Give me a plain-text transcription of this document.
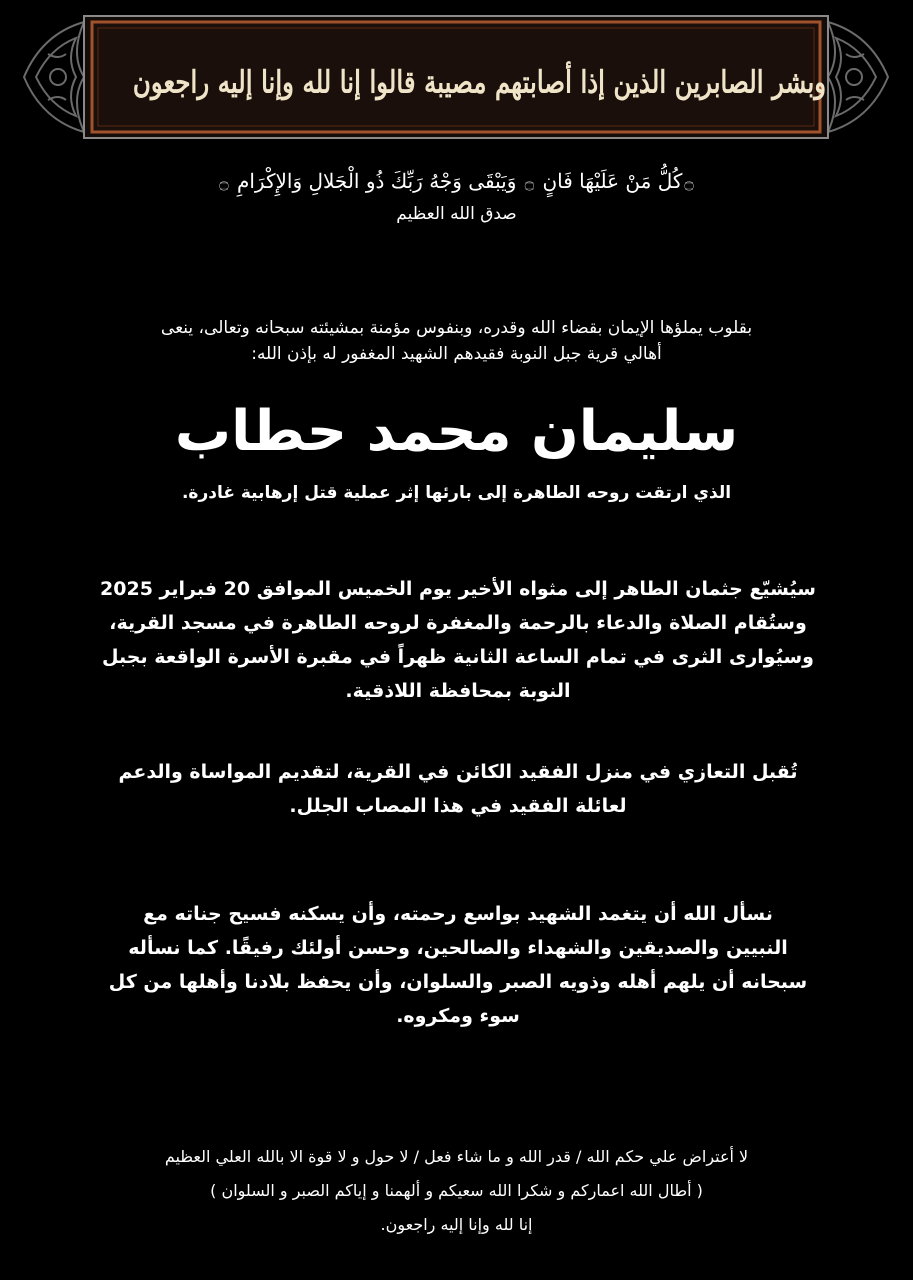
وبشر الصابرين الذين إذا أصابتهم مصيبة قالوا إنا لله وإنا إليه راجعون
۝كُلُّ مَنْ عَلَيْهَا فَانٍ ۝ وَيَبْقَى وَجْهُ رَبِّكَ ذُو الْجَلالِ وَالإِكْرَامِ ۝
صدق الله العظيم
بقلوب يملؤها الإيمان بقضاء الله وقدره، وبنفوس مؤمنة بمشيئته سبحانه وتعالى، ينعى
أهالي قرية جبل النوبة فقيدهم الشهيد المغفور له بإذن الله:
سليمان محمد حطاب
الذي ارتقت روحه الطاهرة إلى بارئها إثر عملية قتل إرهابية غادرة.
سيُشيّع جثمان الطاهر إلى مثواه الأخير يوم الخميس الموافق 20 فبراير 2025
وستُقام الصلاة والدعاء بالرحمة والمغفرة لروحه الطاهرة في مسجد القرية،
وسيُوارى الثرى في تمام الساعة الثانية ظهراً في مقبرة الأسرة الواقعة بجبل
النوبة بمحافظة اللاذقية.
تُقبل التعازي في منزل الفقيد الكائن في القرية، لتقديم المواساة والدعم
لعائلة الفقيد في هذا المصاب الجلل.
نسأل الله أن يتغمد الشهيد بواسع رحمته، وأن يسكنه فسيح جناته مع
النبيين والصديقين والشهداء والصالحين، وحسن أولئك رفيقًا. كما نسأله
سبحانه أن يلهم أهله وذويه الصبر والسلوان، وأن يحفظ بلادنا وأهلها من كل
سوء ومكروه.
لا أعتراض علي حكم الله / قدر الله و ما شاء فعل / لا حول و لا قوة الا بالله العلي العظيم
( أطال الله اعماركم و شكرا الله سعيكم و ألهمنا و إياكم الصبر و السلوان )
إنا لله وإنا إليه راجعون.
